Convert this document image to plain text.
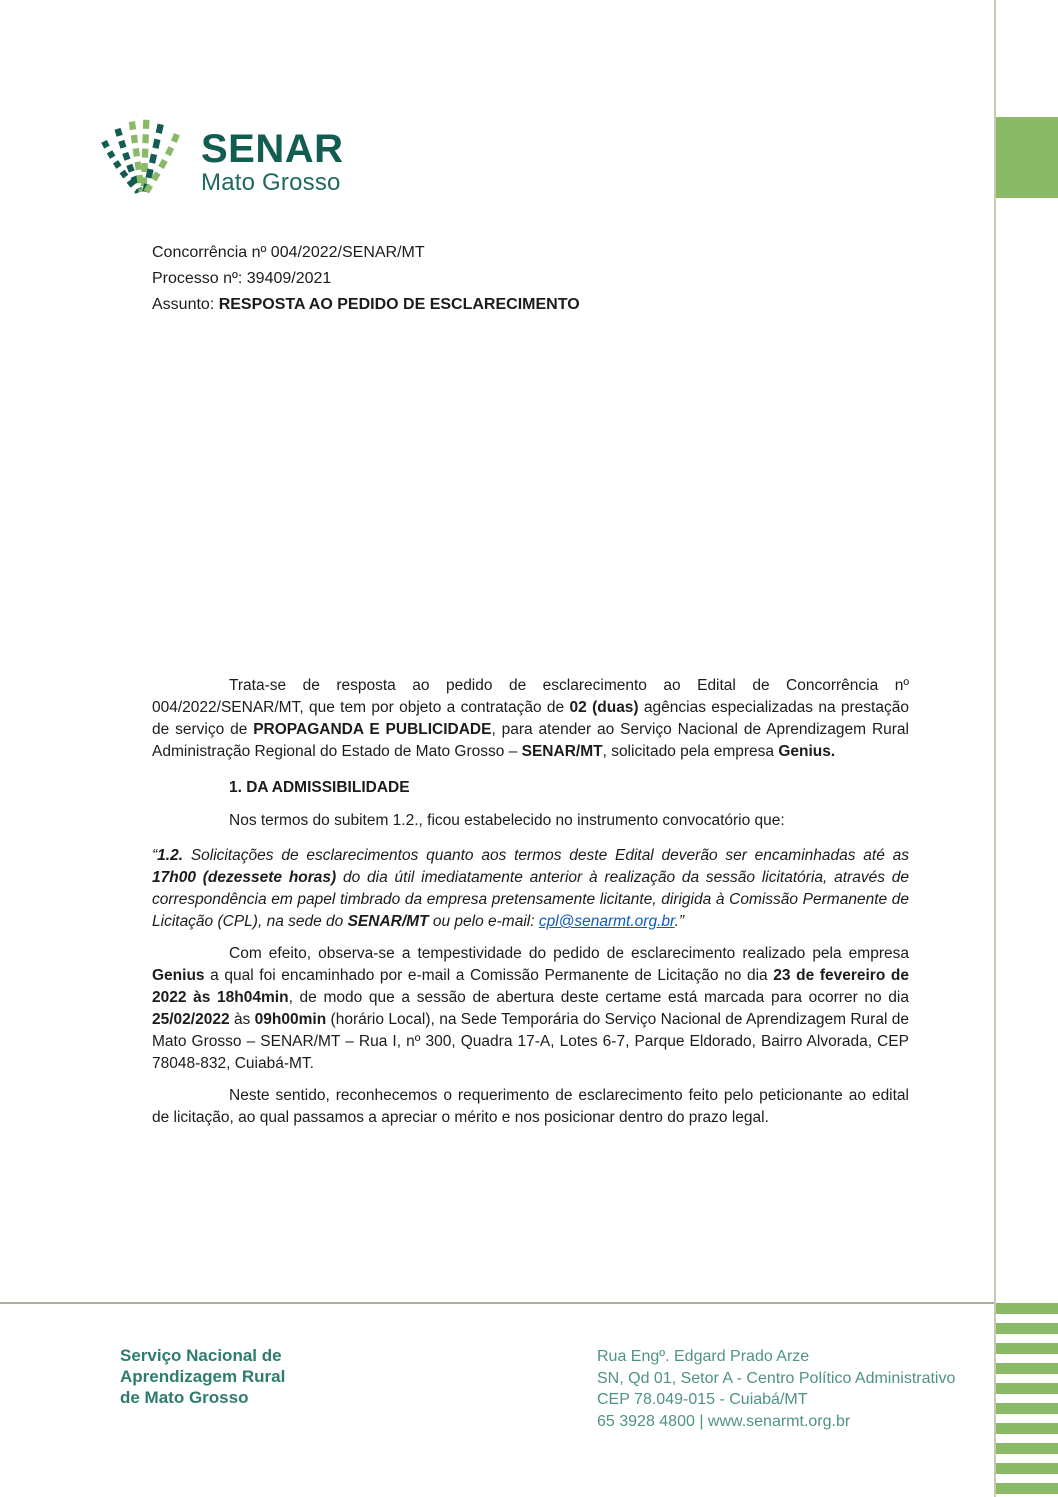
SENAR
Mato Grosso
Concorrência nº 004/2022/SENAR/MT
Processo nº: 39409/2021
Assunto: RESPOSTA AO PEDIDO DE ESCLARECIMENTO

Trata-se de resposta ao pedido de esclarecimento ao Edital de Concorrência nº 004/2022/SENAR/MT, que tem por objeto a contratação de 02 (duas) agências especializadas na prestação de serviço de PROPAGANDA E PUBLICIDADE, para atender ao Serviço Nacional de Aprendizagem Rural Administração Regional do Estado de Mato Grosso – SENAR/MT, solicitado pela empresa Genius.

1. DA ADMISSIBILIDADE

Nos termos do subitem 1.2., ficou estabelecido no instrumento convocatório que:

“1.2. Solicitações de esclarecimentos quanto aos termos deste Edital deverão ser encaminhadas até as 17h00 (dezessete horas) do dia útil imediatamente anterior à realização da sessão licitatória, através de correspondência em papel timbrado da empresa pretensamente licitante, dirigida à Comissão Permanente de Licitação (CPL), na sede do SENAR/MT ou pelo e-mail: cpl@senarmt.org.br.”

Com efeito, observa-se a tempestividade do pedido de esclarecimento realizado pela empresa Genius a qual foi encaminhado por e-mail a Comissão Permanente de Licitação no dia 23 de fevereiro de 2022 às 18h04min, de modo que a sessão de abertura deste certame está marcada para ocorrer no dia 25/02/2022 às 09h00min (horário Local), na Sede Temporária do Serviço Nacional de Aprendizagem Rural de Mato Grosso – SENAR/MT – Rua I, nº 300, Quadra 17-A, Lotes 6-7, Parque Eldorado, Bairro Alvorada, CEP 78048-832, Cuiabá-MT.

Neste sentido, reconhecemos o requerimento de esclarecimento feito pelo peticionante ao edital de licitação, ao qual passamos a apreciar o mérito e nos posicionar dentro do prazo legal.

Serviço Nacional de
Aprendizagem Rural
de Mato Grosso
Rua Engº. Edgard Prado Arze
SN, Qd 01, Setor A - Centro Político Administrativo
CEP 78.049-015 - Cuiabá/MT
65 3928 4800 | www.senarmt.org.br
